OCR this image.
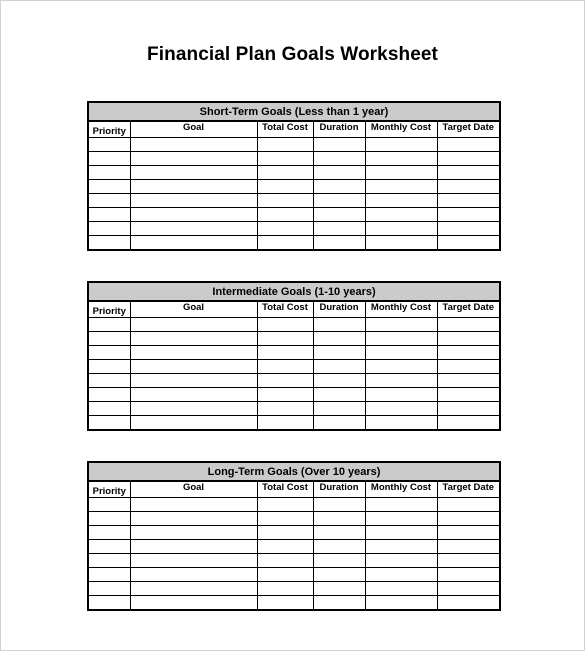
Financial Plan Goals Worksheet
Short-Term Goals (Less than 1 year)					
Priority	Goal	Total Cost	Duration	Monthly Cost	Target Date

Intermediate Goals (1-10 years)					
Priority	Goal	Total Cost	Duration	Monthly Cost	Target Date

Long-Term Goals (Over 10 years)					
Priority	Goal	Total Cost	Duration	Monthly Cost	Target Date
